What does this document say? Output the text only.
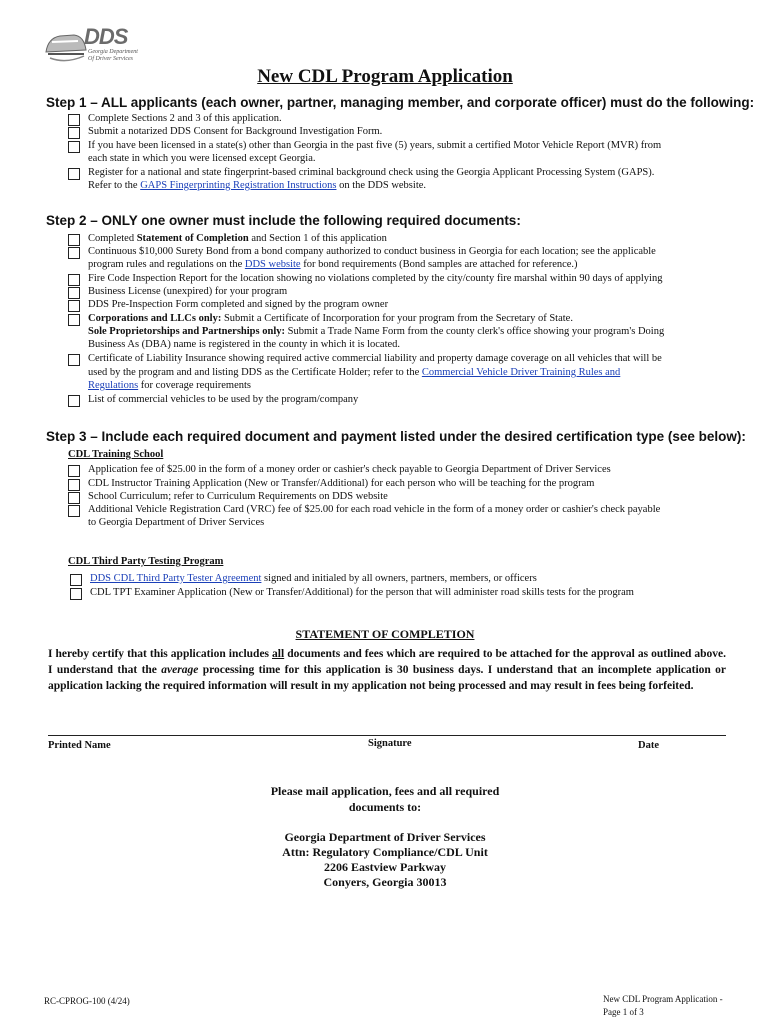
DDS
Georgia Department
Of Driver Services
New CDL Program Application
Step 1 – ALL applicants (each owner, partner, managing member, and corporate officer) must do the following:
Complete Sections 2 and 3 of this application.
Submit a notarized DDS Consent for Background Investigation Form.
If you have been licensed in a state(s) other than Georgia in the past five (5) years, submit a certified Motor Vehicle Report (MVR) from
each state in which you were licensed except Georgia.
Register for a national and state fingerprint-based criminal background check using the Georgia Applicant Processing System (GAPS).
Refer to the GAPS Fingerprinting Registration Instructions on the DDS website.
Step 2 – ONLY one owner must include the following required documents:
Completed Statement of Completion and Section 1 of this application
Continuous $10,000 Surety Bond from a bond company authorized to conduct business in Georgia for each location; see the applicable
program rules and regulations on the DDS website for bond requirements (Bond samples are attached for reference.)
Fire Code Inspection Report for the location showing no violations completed by the city/county fire marshal within 90 days of applying
Business License (unexpired) for your program
DDS Pre-Inspection Form completed and signed by the program owner
Corporations and LLCs only: Submit a Certificate of Incorporation for your program from the Secretary of State.
Sole Proprietorships and Partnerships only: Submit a Trade Name Form from the county clerk's office showing your program's Doing
Business As (DBA) name is registered in the county in which it is located.
Certificate of Liability Insurance showing required active commercial liability and property damage coverage on all vehicles that will be
used by the program and and listing DDS as the Certificate Holder; refer to the Commercial Vehicle Driver Training Rules and
Regulations for coverage requirements
List of commercial vehicles to be used by the program/company
Step 3 – Include each required document and payment listed under the desired certification type (see below):
CDL Training School
Application fee of $25.00 in the form of a money order or cashier's check payable to Georgia Department of Driver Services
CDL Instructor Training Application (New or Transfer/Additional) for each person who will be teaching for the program
School Curriculum; refer to Curriculum Requirements on DDS website
Additional Vehicle Registration Card (VRC) fee of $25.00 for each road vehicle in the form of a money order or cashier's check payable
to Georgia Department of Driver Services
CDL Third Party Testing Program
DDS CDL Third Party Tester Agreement signed and initialed by all owners, partners, members, or officers
CDL TPT Examiner Application (New or Transfer/Additional) for the person that will administer road skills tests for the program
STATEMENT OF COMPLETION
I hereby certify that this application includes all documents and fees which are required to be attached for the approval as outlined above. I understand that the average processing time for this application is 30 business days. I understand that an incomplete application or application lacking the required information will result in my application not being processed and may result in fees being forfeited.
Printed Name	Signature	Date
Please mail application, fees and all required
documents to:
Georgia Department of Driver Services
Attn: Regulatory Compliance/CDL Unit
2206 Eastview Parkway
Conyers, Georgia 30013
RC-CPROG-100 (4/24)	New CDL Program Application -
Page 1 of 3
